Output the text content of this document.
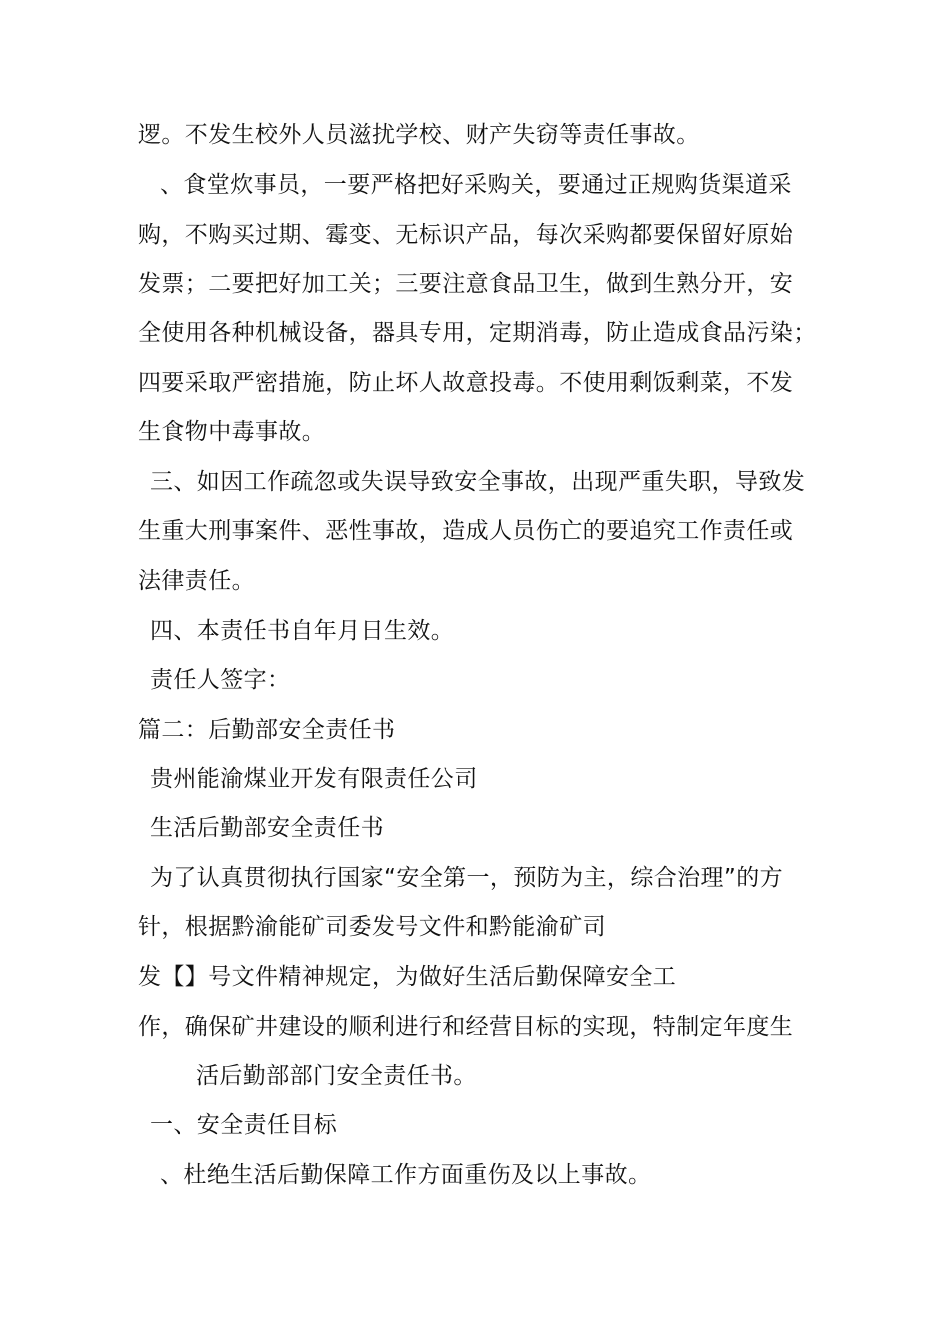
逻。不发生校外人员滋扰学校、财产失窃等责任事故。
、食堂炊事员，一要严格把好采购关，要通过正规购货渠道采
购，不购买过期、霉变、无标识产品，每次采购都要保留好原始
发票；二要把好加工关；三要注意食品卫生，做到生熟分开，安
全使用各种机械设备，器具专用，定期消毒，防止造成食品污染；
四要采取严密措施，防止坏人故意投毒。不使用剩饭剩菜，不发
生食物中毒事故。
三、如因工作疏忽或失误导致安全事故，出现严重失职，导致发
生重大刑事案件、恶性事故，造成人员伤亡的要追究工作责任或
法律责任。
四、本责任书自年月日生效。
责任人签字：
篇二：后勤部安全责任书
贵州能渝煤业开发有限责任公司
生活后勤部安全责任书
为了认真贯彻执行国家“安全第一，预防为主，综合治理”的方
针，根据黔渝能矿司委发号文件和黔能渝矿司
发【】号文件精神规定，为做好生活后勤保障安全工
作，确保矿井建设的顺利进行和经营目标的实现，特制定年度生
活后勤部部门安全责任书。
一、安全责任目标
、杜绝生活后勤保障工作方面重伤及以上事故。
